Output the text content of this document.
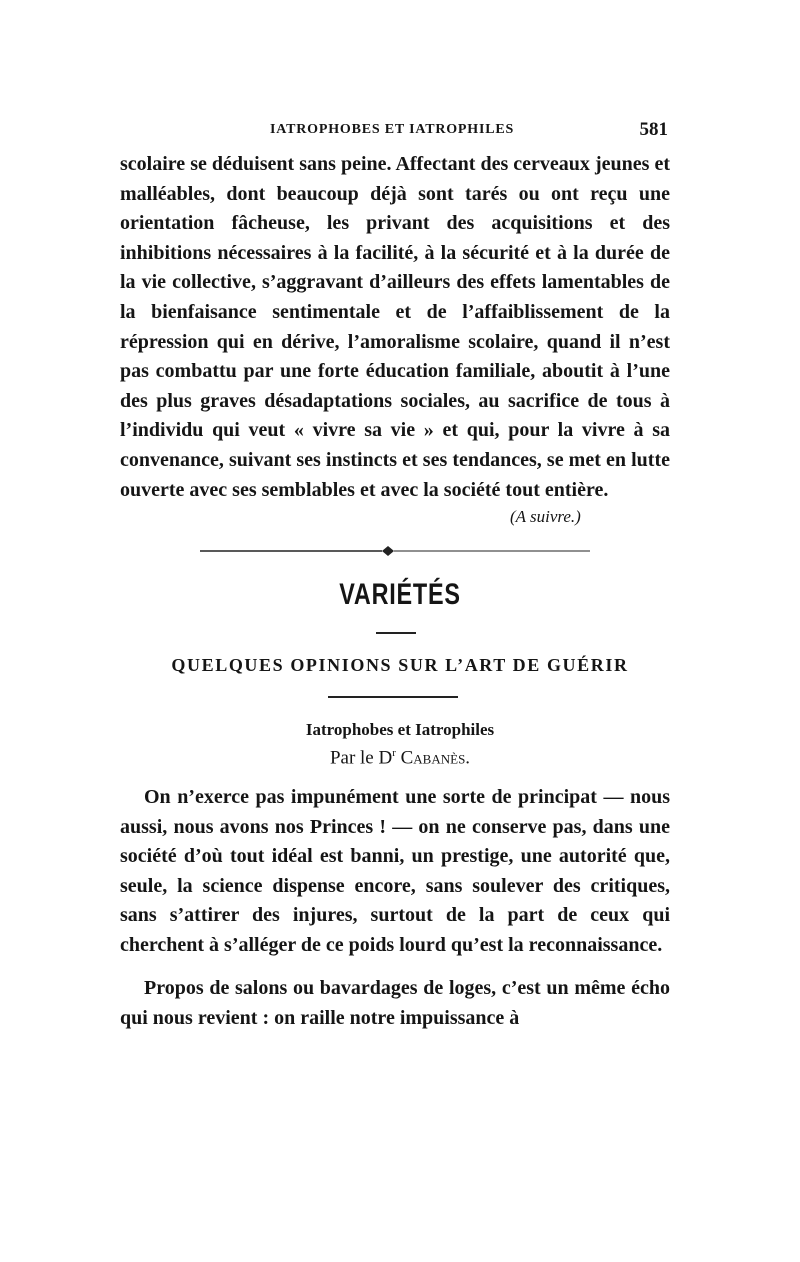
IATROPHOBES ET IATROPHILES	581

scolaire se déduisent sans peine. Affectant des cerveaux jeunes et malléables, dont beaucoup déjà sont tarés ou ont reçu une orientation fâcheuse, les privant des acquisitions et des inhibitions nécessaires à la facilité, à la sécurité et à la durée de la vie collective, s’aggravant d’ailleurs des effets lamentables de la bienfaisance sentimentale et de l’affaiblissement de la répression qui en dérive, l’amoralisme scolaire, quand il n’est pas combattu par une forte éducation familiale, aboutit à l’une des plus graves désadaptations sociales, au sacrifice de tous à l’individu qui veut « vivre sa vie » et qui, pour la vivre à sa convenance, suivant ses instincts et ses tendances, se met en lutte ouverte avec ses semblables et avec la société tout entière.

(A suivre.)
VARIÉTÉS
QUELQUES OPINIONS SUR L’ART DE GUÉRIR
Iatrophobes et Iatrophiles
Par le $D^r$ Cabanès.

On n’exerce pas impunément une sorte de principat — nous aussi, nous avons nos Princes ! — on ne conserve pas, dans une société d’où tout idéal est banni, un prestige, une autorité que, seule, la science dispense encore, sans soulever des critiques, sans s’attirer des injures, surtout de la part de ceux qui cherchent à s’alléger de ce poids lourd qu’est la reconnaissance.

Propos de salons ou bavardages de loges, c’est un même écho qui nous revient : on raille notre impuissance à
